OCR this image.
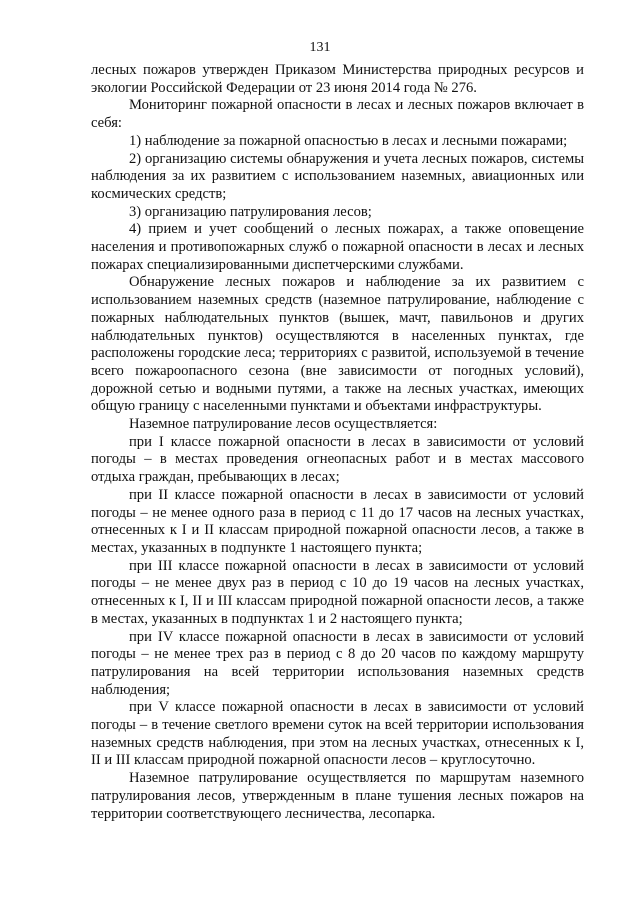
131

лесных пожаров утвержден Приказом Министерства природных ресурсов и экологии Российской Федерации от 23 июня 2014 года № 276.

Мониторинг пожарной опасности в лесах и лесных пожаров включает в себя:

1) наблюдение за пожарной опасностью в лесах и лесными пожарами;

2) организацию системы обнаружения и учета лесных пожаров, системы наблюдения за их развитием с использованием наземных, авиационных или космических средств;

3) организацию патрулирования лесов;

4) прием и учет сообщений о лесных пожарах, а также оповещение населения и противопожарных служб о пожарной опасности в лесах и лесных пожарах специализированными диспетчерскими службами.

Обнаружение лесных пожаров и наблюдение за их развитием с использованием наземных средств (наземное патрулирование, наблюдение с пожарных наблюдательных пунктов (вышек, мачт, павильонов и других наблюдательных пунктов) осуществляются в населенных пунктах, где расположены городские леса; территориях с развитой, используемой в течение всего пожароопасного сезона (вне зависимости от погодных условий), дорожной сетью и водными путями, а также на лесных участках, имеющих общую границу с населенными пунктами и объектами инфраструктуры.

Наземное патрулирование лесов осуществляется:

при I классе пожарной опасности в лесах в зависимости от условий погоды – в местах проведения огнеопасных работ и в местах массового отдыха граждан, пребывающих в лесах;

при II классе пожарной опасности в лесах в зависимости от условий погоды – не менее одного раза в период с 11 до 17 часов на лесных участках, отнесенных к I и II классам природной пожарной опасности лесов, а также в местах, указанных в подпункте 1 настоящего пункта;

при III классе пожарной опасности в лесах в зависимости от условий погоды – не менее двух раз в период с 10 до 19 часов на лесных участках, отнесенных к I, II и III классам природной пожарной опасности лесов, а также в местах, указанных в подпунктах 1 и 2 настоящего пункта;

при IV классе пожарной опасности в лесах в зависимости от условий погоды – не менее трех раз в период с 8 до 20 часов по каждому маршруту патрулирования на всей территории использования наземных средств наблюдения;

при V классе пожарной опасности в лесах в зависимости от условий погоды – в течение светлого времени суток на всей территории использования наземных средств наблюдения, при этом на лесных участках, отнесенных к I, II и III классам природной пожарной опасности лесов – круглосуточно.

Наземное патрулирование осуществляется по маршрутам наземного патрулирования лесов, утвержденным в плане тушения лесных пожаров на территории соответствующего лесничества, лесопарка.
